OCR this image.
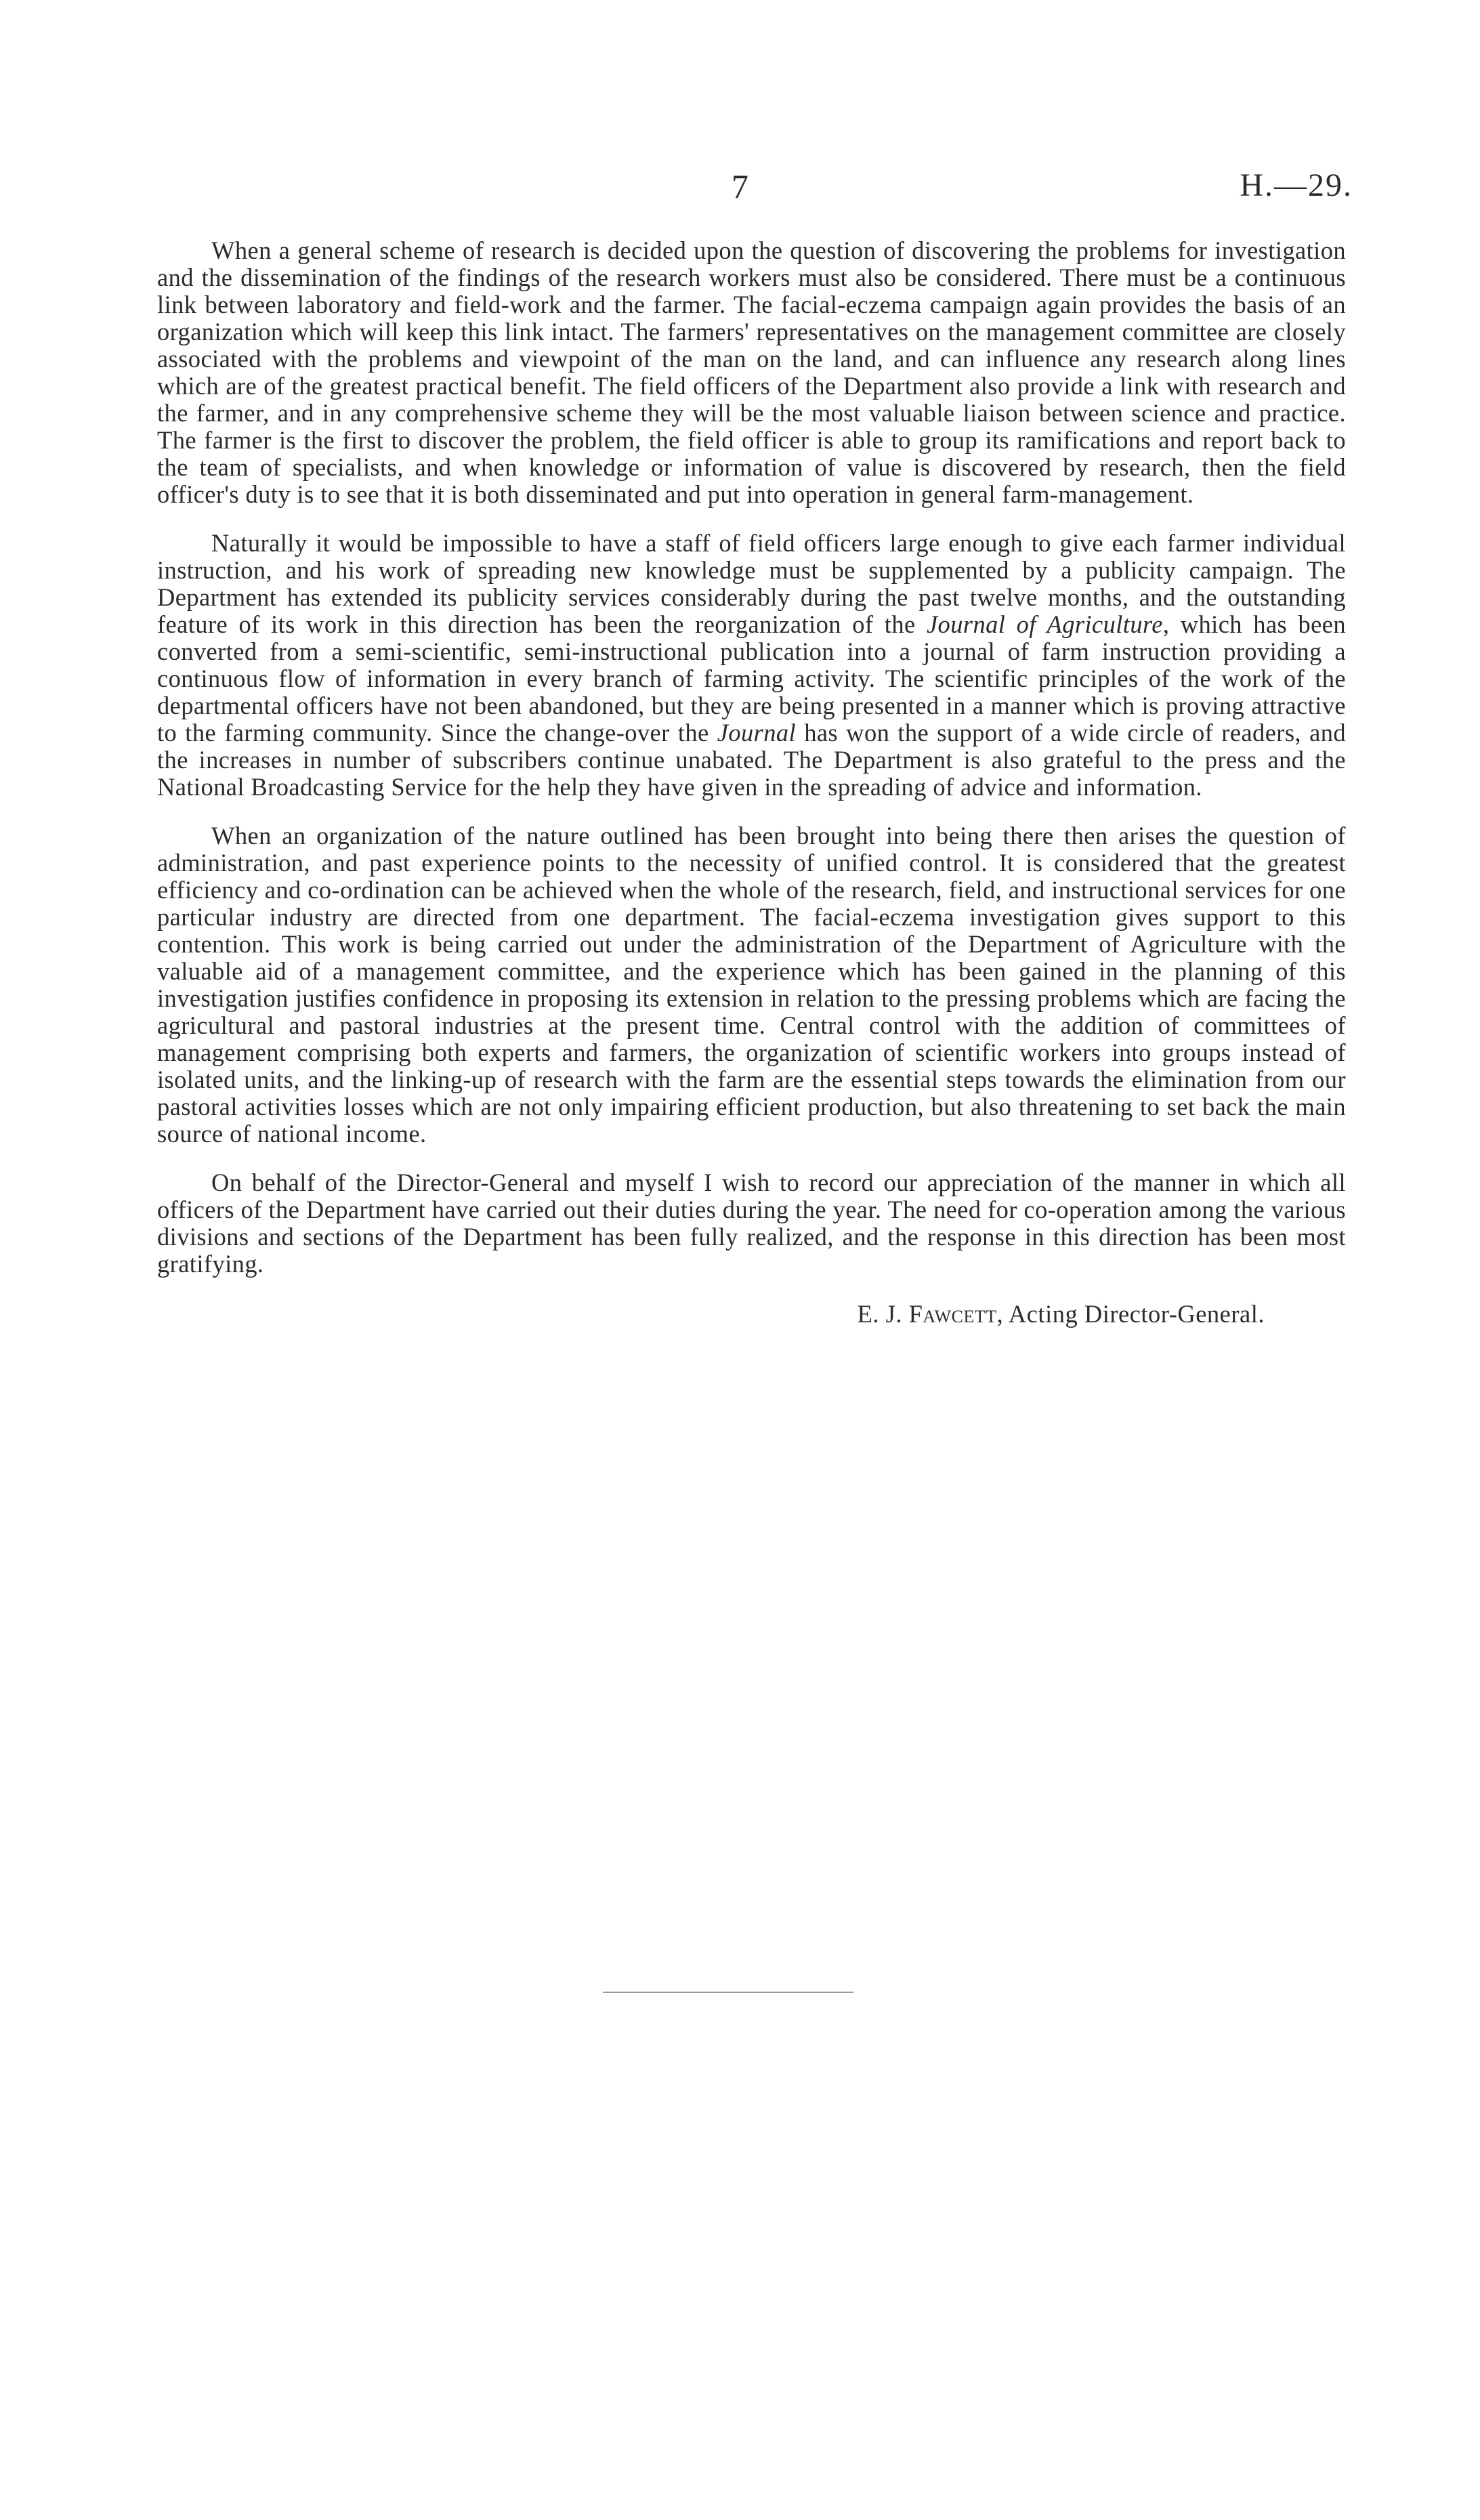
7	H.—29.

When a general scheme of research is decided upon the question of discovering the problems for investigation and the dissemination of the findings of the research workers must also be considered. There must be a continuous link between laboratory and field-work and the farmer. The facial-eczema campaign again provides the basis of an organization which will keep this link intact. The farmers' representatives on the management committee are closely associated with the problems and viewpoint of the man on the land, and can influence any research along lines which are of the greatest practical benefit. The field officers of the Department also provide a link with research and the farmer, and in any comprehensive scheme they will be the most valuable liaison between science and practice. The farmer is the first to discover the problem, the field officer is able to group its ramifications and report back to the team of specialists, and when knowledge or information of value is discovered by research, then the field officer's duty is to see that it is both disseminated and put into operation in general farm-management.

Naturally it would be impossible to have a staff of field officers large enough to give each farmer individual instruction, and his work of spreading new knowledge must be supplemented by a publicity campaign. The Department has extended its publicity services considerably during the past twelve months, and the outstanding feature of its work in this direction has been the reorganization of the Journal of Agriculture, which has been converted from a semi-scientific, semi-instructional publication into a journal of farm instruction providing a continuous flow of information in every branch of farming activity. The scientific principles of the work of the departmental officers have not been abandoned, but they are being presented in a manner which is proving attractive to the farming community. Since the change-over the Journal has won the support of a wide circle of readers, and the increases in number of subscribers continue unabated. The Department is also grateful to the press and the National Broadcasting Service for the help they have given in the spreading of advice and information.

When an organization of the nature outlined has been brought into being there then arises the question of administration, and past experience points to the necessity of unified control. It is considered that the greatest efficiency and co-ordination can be achieved when the whole of the research, field, and instructional services for one particular industry are directed from one department. The facial-eczema investigation gives support to this contention. This work is being carried out under the administration of the Department of Agriculture with the valuable aid of a management committee, and the experience which has been gained in the planning of this investigation justifies confidence in proposing its extension in relation to the pressing problems which are facing the agricultural and pastoral industries at the present time. Central control with the addition of committees of management comprising both experts and farmers, the organization of scientific workers into groups instead of isolated units, and the linking-up of research with the farm are the essential steps towards the elimination from our pastoral activities losses which are not only impairing efficient production, but also threatening to set back the main source of national income.

On behalf of the Director-General and myself I wish to record our appreciation of the manner in which all officers of the Department have carried out their duties during the year. The need for co-operation among the various divisions and sections of the Department has been fully realized, and the response in this direction has been most gratifying.

E. J. Fawcett, Acting Director-General.
